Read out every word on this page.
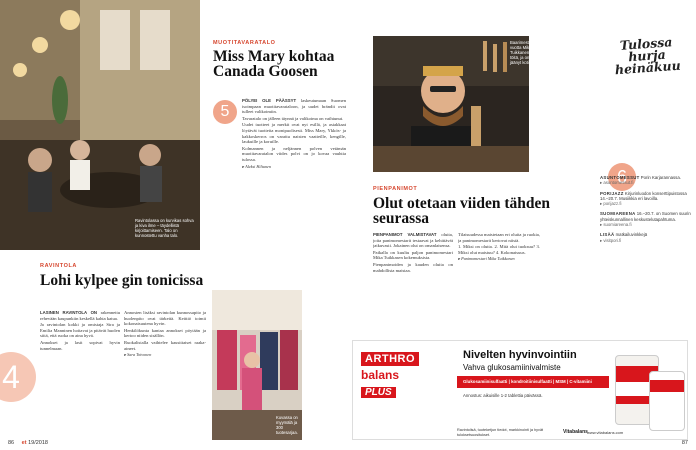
Ravintolassa on kurvikas sohva ja kiva ilme – täydellistä kirjoittamiseen. Talo on kunnostettu vanha talo.
4
RAVINTOLA
Lohi kylpee gin tonicissa

LASINEN RAVINTOLA ON rakennettu rehevään kaupunkiin keskellä kahta katua.

Ja ravintolan kokki ja omistaja Sira ja Emilia Manninen hoitavat ja pitävät huolen siitä, että ruoka on aina hyvä.

Annokset ja lasit sopivat hyvin tunnelmaan.

Annosten lisäksi ravintolan kunnossapito ja huolenpito ovat tärkeitä. Keittiö toimii kokonaisuutena hyvin.

Henkilökunta kantaa annokset pöytään ja kertoo niiden sisällön.

Ruokalistalla vaihtelee kausittaiset raaka-aineet.

▸ Sara Toivonen

Kuvassa on myymälä ja 300 tuotesarjaa.
86 et 19/2018
MUOTITAVARATALO
Miss Mary kohtaa Canada Goosen
5

PÖLYEI OLE PÄÄSSYT laskeutumaan Suomen isoimpaan muotitavarataloon, ja uudet brändit ovat tulleet valikoimiin.

Tavaratalo on jälleen täynnä ja valikoima on vaihtunut.

Uudet tuotteet ja merkit ovat nyt esillä, ja asiakkaat löytävät tuotteita monipuolisesti. Miss Mary, Ykkös- ja kakkoskerros on varattu naisten vaatteille, kengille, laukuille ja koruille.

Kolmannen ja neljännen polven vetämän muotitavaratalon viides polvi on jo kovaa vauhtia tulossa.

▸ Aleksi Hiltunen

Baarimestarina on 16 vuotta Mika Tuikkanen tehnyt töitä, ja on siitä jäänyt kotiin.
6
PIENPANIMOT
Olut otetaan viiden tähden seurassa

PIENPANIMOT VALMISTAVAT oluita, joita panimomestarit testaavat ja kehittävät jatkuvasti. Jokainen olut on omanlaisensa.

Paikalla on kuultu paljon panimomestari Mika Tuikkasen kokemuksista.

Pienpanimoiden ja kauden oluita on mahdollista maistaa.

Tilaisuudessa maistetaan eri oluita ja ruokia, ja panimomestarit kertovat niistä.

1. Miksi on olutta. 2. Mitä olut tuoksuu? 3. Miksi olut maistuu? 4. Kokonaisuus.

▸ Panimomestari Mika Tuikkanen

87
Tulossa hurja heinäkuu
ASUNTOMESSUT Porin Karjarannassa.
▸ asuntomessut.fi
PORIJAZZ Kirjurinluodon konserttipuistossa 14.–20.7. Musiikkia eri lavoilla.
▸ porijazz.fi
SUOMIAREENA 16.–20.7. on Suomen suurin yhteiskunnallinen keskustelutapahtuma.
▸ suomiareena.fi
LISÄÄ matkailuvinkkejä
▸ visitpori.fi
ARTHRO
balans
PLUS
Nivelten hyvinvointiin
Vahva glukosamiinivalmiste
Glukosamiinisulfaatti | kondroitiinisulfaatti | MSM | C-vitamiini
Annostus: aikuisille 1-2 tablettia päivässä.
Ravintolisä, tuoteketjun tiedot, markkinointi ja hyvät tuloksetsuositukset.	Vitabalans www.vitabalans.com
